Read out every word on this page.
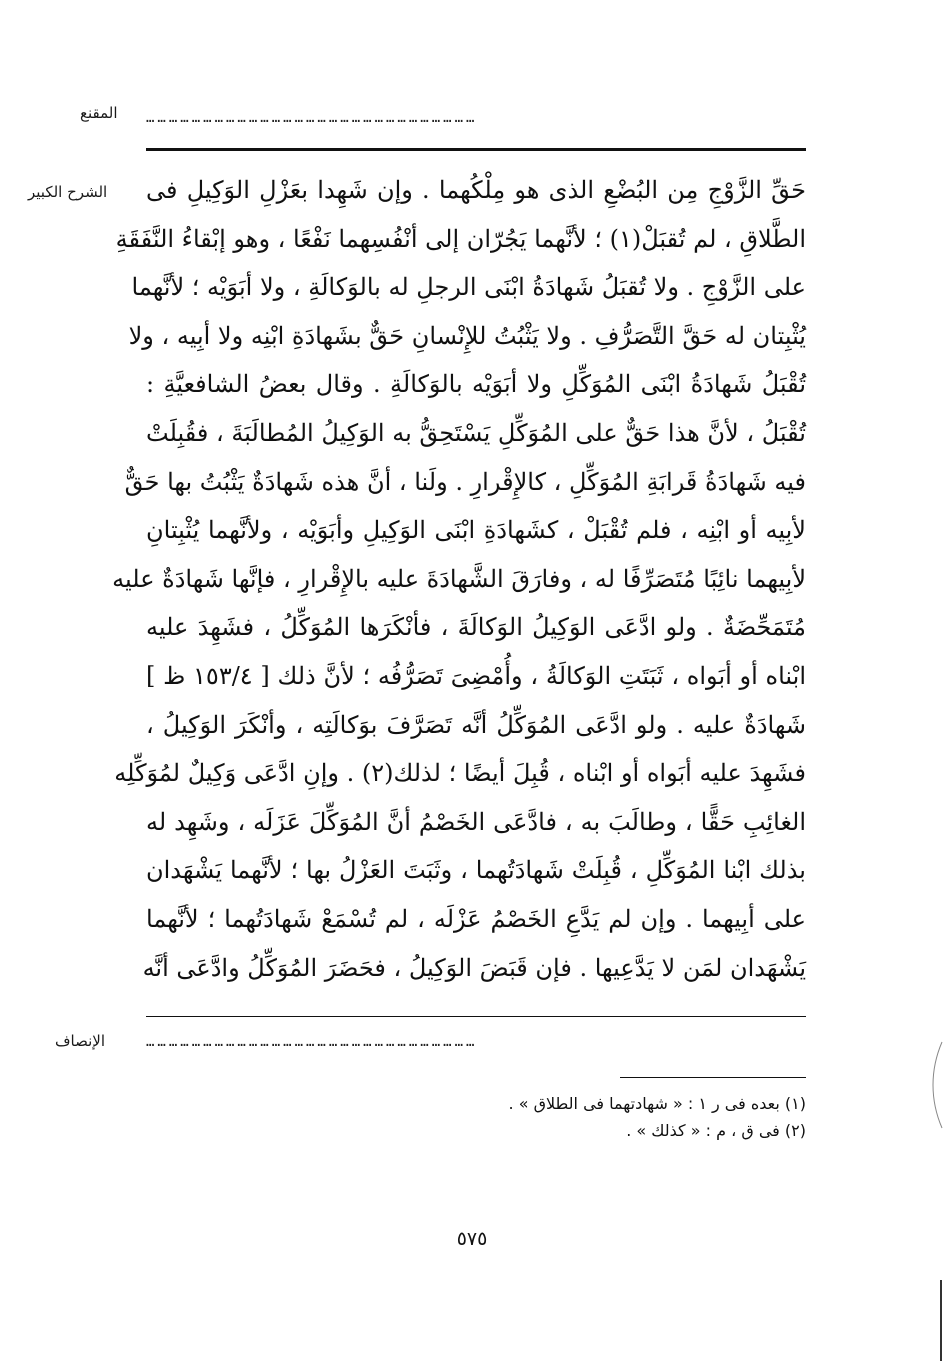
المقنع ……………………………………………………………………………
الشرح الكبير حَقِّ الزَّوْجِ مِن البُضْعِ الذى هو مِلْكُهما . وإن شَهِدا بعَزْلِ الوَكِيلِ فى
الطَّلاقِ ، لم تُقبَلْ(١) ؛ لأنَّهما يَجُرّان إلى أنْفُسِهما نَفْعًا ، وهو إبْقاءُ النَّفَقَةِ
على الزَّوْجِ . ولا تُقبَلُ شَهادَةُ ابْنَى الرجلِ له بالوَكالَةِ ، ولا أبَوَيْه ؛ لأنَّهما
يُثْبِتان له حَقَّ التَّصَرُّفِ . ولا يَثْبُتُ للإِنْسانِ حَقٌّ بشَهادَةِ ابْنِه ولا أبِيه ، ولا
تُقْبَلُ شَهادَةُ ابْنَى المُوَكِّلِ ولا أبَوَيْه بالوَكالَةِ . وقال بعضُ الشافعيَّةِ :
تُقْبَلُ ، لأنَّ هذا حَقٌّ على المُوَكِّلِ يَسْتَحِقُّ به الوَكِيلُ المُطالَبَةَ ، فقُبِلَتْ
فيه شَهادَةُ قَرابَةِ المُوَكِّلِ ، كالإِقْرارِ . ولَنا ، أنَّ هذه شَهادَةٌ يَثْبُتُ بها حَقٌّ
لأبِيه أو ابْنِه ، فلم تُقْبَلْ ، كشَهادَةِ ابْنَى الوَكِيلِ وأبَوَيْه ، ولأنَّهما يُثْبِتانِ
لأبِيهما نائِبًا مُتَصَرِّفًا له ، وفارَقَ الشَّهادَةَ عليه بالإِقْرارِ ، فإنَّها شَهادَةٌ عليه
مُتَمَحِّضَةٌ . ولو ادَّعَى الوَكِيلُ الوَكالَةَ ، فأنْكَرَها المُوَكِّلُ ، فشَهِدَ عليه
ابْناه أو أبَواه ، ثَبَتَتِ الوَكالَةُ ، وأُمْضِىَ تَصَرُّفُه ؛ لأنَّ ذلك [ ١٥٣/٤ ظ ]
شَهادَةٌ عليه . ولو ادَّعَى المُوَكِّلُ أنَّه تَصَرَّفَ بوَكالَتِه ، وأنْكَرَ الوَكِيلُ ،
فشَهِدَ عليه أبَواه أو ابْناه ، قُبِلَ أيضًا ؛ لذلك(٢) . وإنِ ادَّعَى وَكِيلٌ لمُوَكِّلِه
الغائِبِ حَقًّا ، وطالَبَ به ، فادَّعَى الخَصْمُ أنَّ المُوَكِّلَ عَزَلَه ، وشَهِد له
بذلك ابْنا المُوَكِّلِ ، قُبِلَتْ شَهادَتُهما ، وثَبَتَ العَزْلُ بها ؛ لأنَّهما يَشْهَدان
على أبِيهما . وإن لم يَدَّعِ الخَصْمُ عَزْلَه ، لم تُسْمَعْ شَهادَتُهما ؛ لأنَّهما
يَشْهَدان لمَن لا يَدَّعِيها . فإن قَبَضَ الوَكِيلُ ، فحَضَرَ المُوَكِّلُ وادَّعَى أنَّه
الإنصاف	……………………………………………………………………………
(١) بعده فى ر ١ : « شهادتهما فى الطلاق » .
(٢) فى ق ، م : « كذلك » .
٥٧٥
